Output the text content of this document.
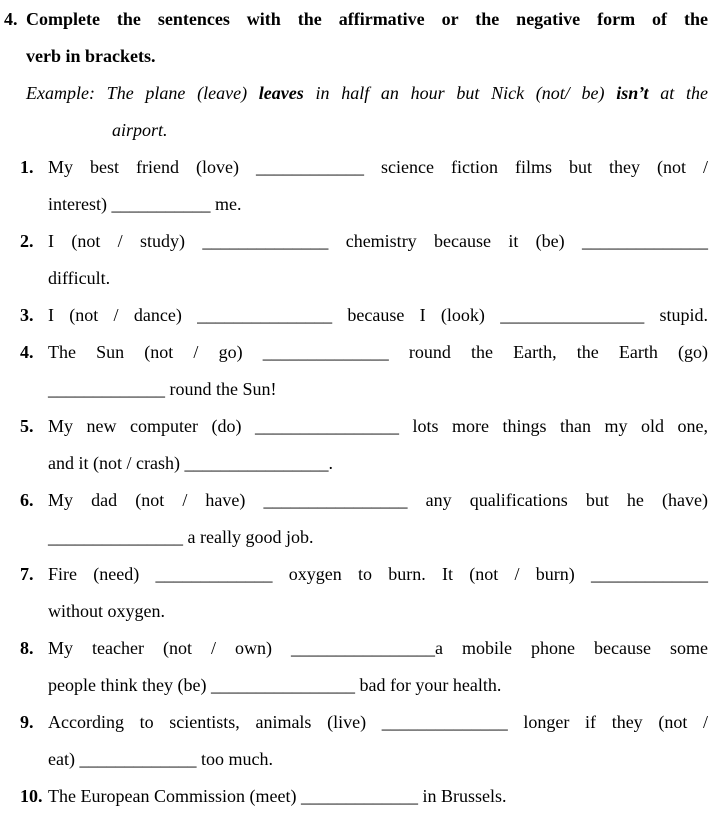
4. Complete the sentences with the affirmative or the negative form of the
verb in brackets.
Example: The plane (leave) leaves in half an hour but Nick (not/ be) isn’t at the
airport.
1. My best friend (love) ____________ science fiction films but they (not /
interest) ___________ me.
2. I (not / study) ______________ chemistry because it (be) ______________
difficult.
3. I (not / dance) _______________ because I (look) ________________ stupid.
4. The Sun (not / go) ______________ round the Earth, the Earth (go)
_____________ round the Sun!
5. My new computer (do) ________________ lots more things than my old one,
and it (not / crash) ________________.
6. My dad (not / have) ________________ any qualifications but he (have)
_______________ a really good job.
7. Fire (need) _____________ oxygen to burn. It (not / burn) _____________
without oxygen.
8. My teacher (not / own) ________________a mobile phone because some
people think they (be) ________________ bad for your health.
9. According to scientists, animals (live) ______________ longer if they (not /
eat) _____________ too much.
10. The European Commission (meet) _____________ in Brussels.
